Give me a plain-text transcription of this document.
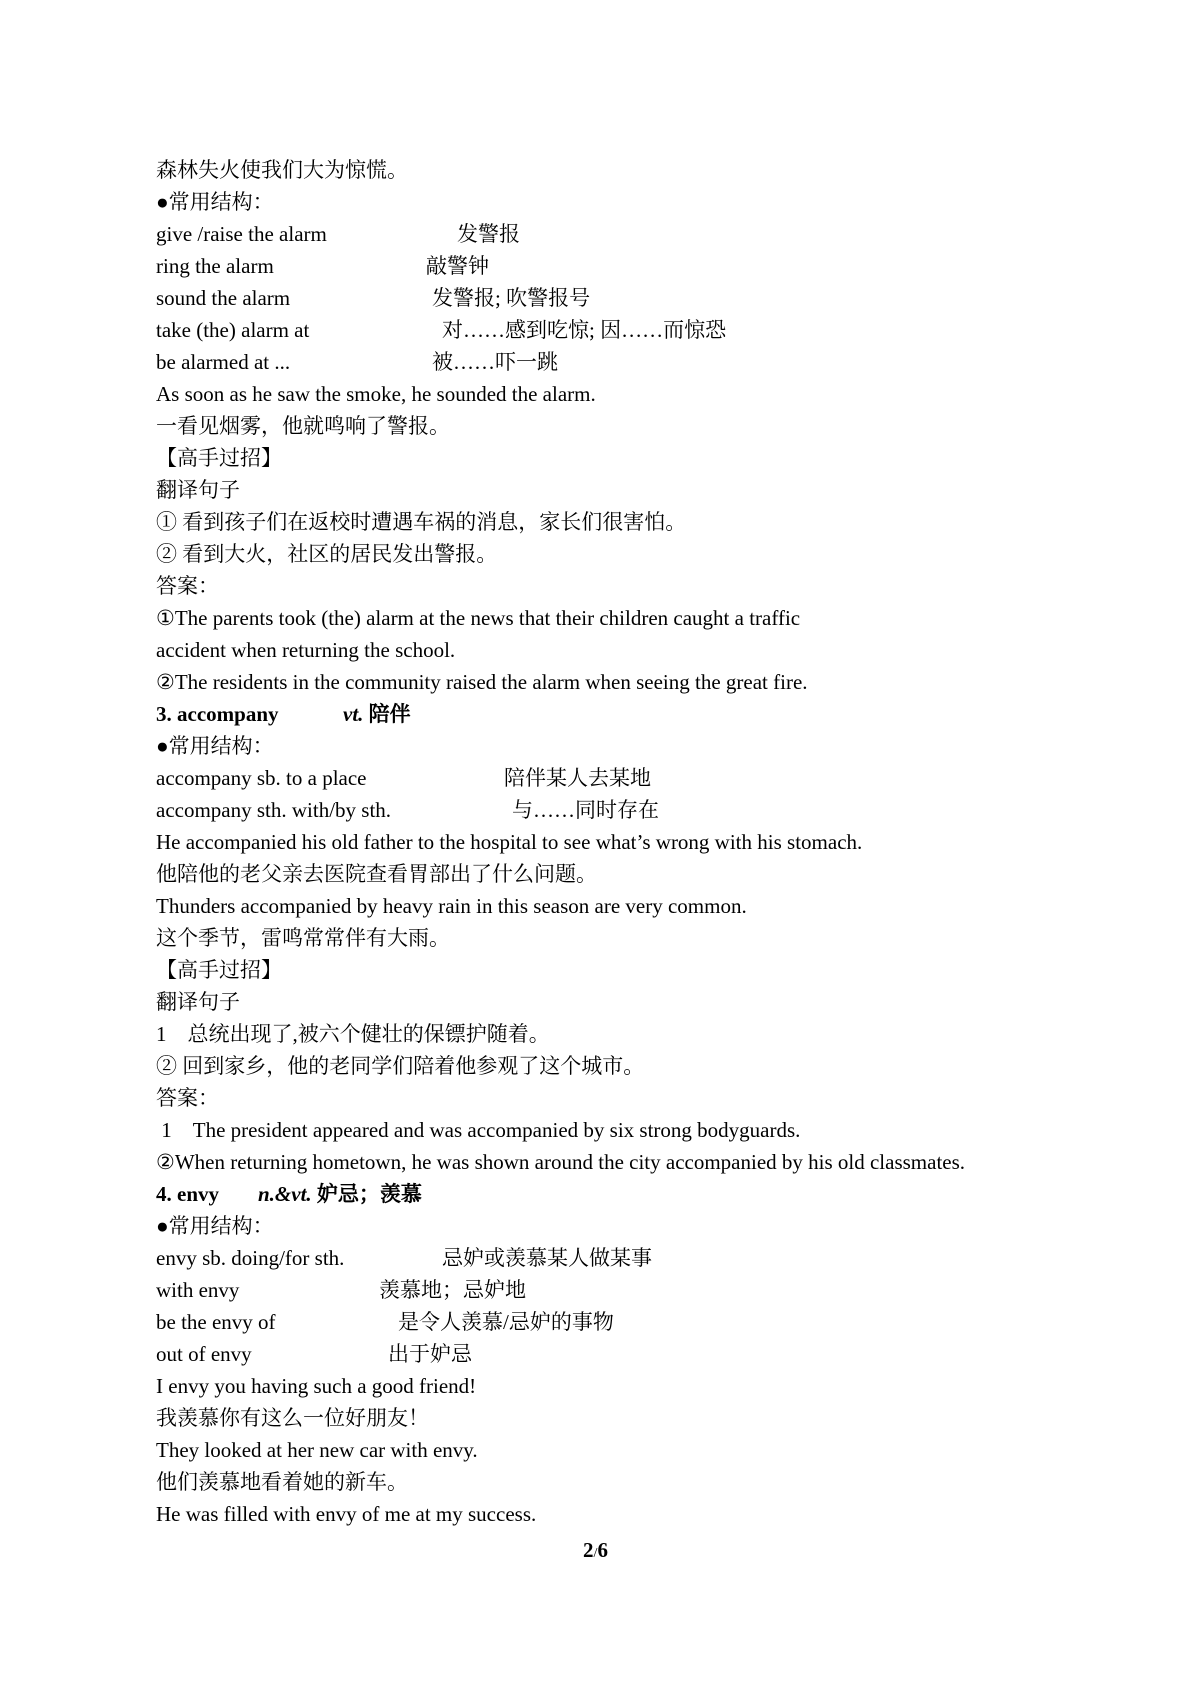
森林失火使我们大为惊慌。
●常用结构：
give /raise the alarm	发警报
ring the alarm	敲警钟
sound the alarm	发警报; 吹警报号
take (the) alarm at	对……感到吃惊; 因……而惊恐
be alarmed at ...	被……吓一跳
As soon as he saw the smoke, he sounded the alarm.
一看见烟雾，他就鸣响了警报。
【高手过招】
翻译句子
① 看到孩子们在返校时遭遇车祸的消息，家长们很害怕。
② 看到大火，社区的居民发出警报。
答案：
①The parents took (the) alarm at the news that their children caught a traffic
accident when returning the school.
②The residents in the community raised the alarm when seeing the great fire.
3. accompany	vt. 陪伴
●常用结构：
accompany sb. to a place	陪伴某人去某地
accompany sth. with/by sth.	与……同时存在
He accompanied his old father to the hospital to see what’s wrong with his stomach.
他陪他的老父亲去医院查看胃部出了什么问题。
Thunders accompanied by heavy rain in this season are very common.
这个季节，雷鸣常常伴有大雨。
【高手过招】
翻译句子
1　总统出现了,被六个健壮的保镖护随着。
② 回到家乡，他的老同学们陪着他参观了这个城市。
答案：
1　The president appeared and was accompanied by six strong bodyguards.
②When returning hometown, he was shown around the city accompanied by his old classmates.
4. envy n.&vt. 妒忌；羡慕
●常用结构：
envy sb. doing/for sth.	忌妒或羡慕某人做某事
with envy	羡慕地；忌妒地
be the envy of	是令人羡慕/忌妒的事物
out of envy	出于妒忌
I envy you having such a good friend!
我羡慕你有这么一位好朋友！
They looked at her new car with envy.
他们羡慕地看着她的新车。
He was filled with envy of me at my success.
2/6
